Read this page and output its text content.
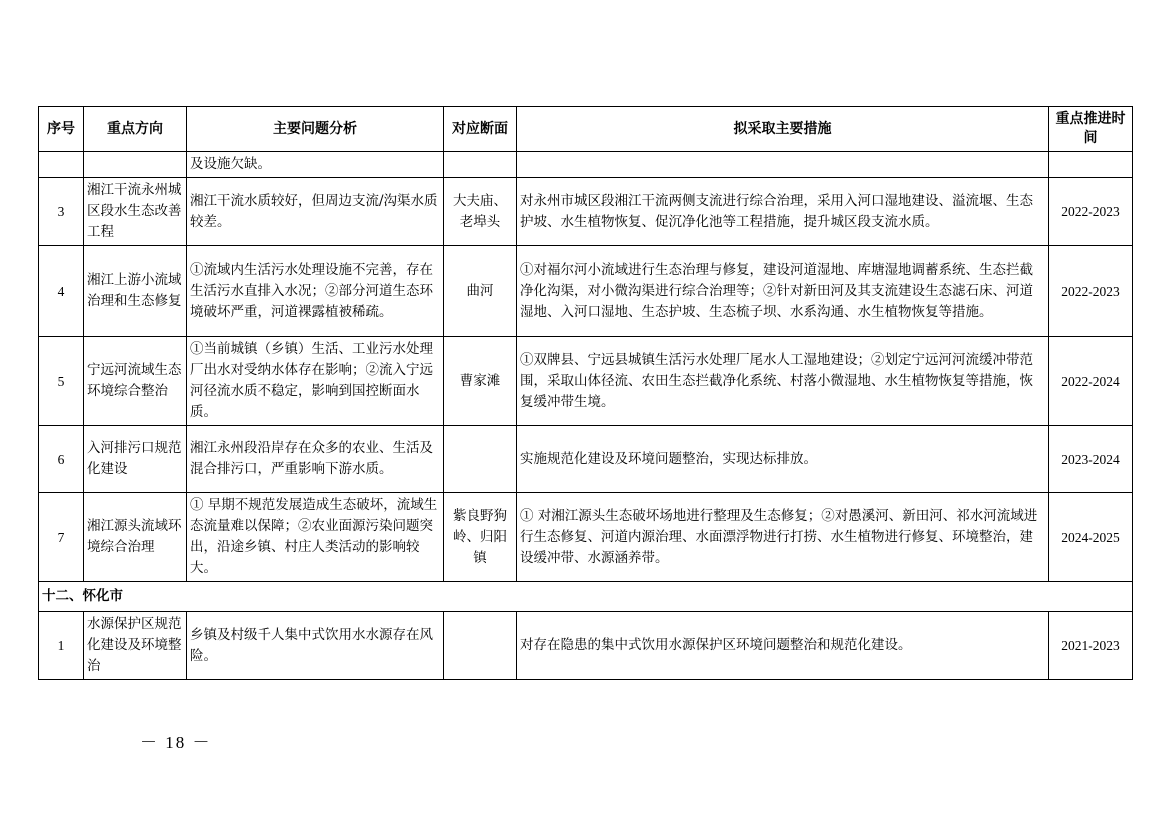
序号	重点方向	主要问题分析	对应断面	拟采取主要措施	重点推进时间
		及设施欠缺。			
3	湘江干流永州城区段水生态改善工程	湘江干流水质较好，但周边支流/沟渠水质较差。	大夫庙、老埠头	对永州市城区段湘江干流两侧支流进行综合治理，采用入河口湿地建设、溢流堰、生态护坡、水生植物恢复、促沉净化池等工程措施，提升城区段支流水质。	2022-2023
4	湘江上游小流域治理和生态修复	①流域内生活污水处理设施不完善，存在生活污水直排入水况；②部分河道生态环境破坏严重，河道裸露植被稀疏。	曲河	①对福尔河小流域进行生态治理与修复，建设河道湿地、库塘湿地调蓄系统、生态拦截净化沟渠，对小微沟渠进行综合治理等；②针对新田河及其支流建设生态滤石床、河道湿地、入河口湿地、生态护坡、生态梳子坝、水系沟通、水生植物恢复等措施。	2022-2023
5	宁远河流域生态环境综合整治	①当前城镇（乡镇）生活、工业污水处理厂出水对受纳水体存在影响；②流入宁远河径流水质不稳定，影响到国控断面水质。	曹家滩	①双牌县、宁远县城镇生活污水处理厂尾水人工湿地建设；②划定宁远河河流缓冲带范围，采取山体径流、农田生态拦截净化系统、村落小微湿地、水生植物恢复等措施，恢复缓冲带生境。	2022-2024
6	入河排污口规范化建设	湘江永州段沿岸存在众多的农业、生活及混合排污口，严重影响下游水质。		实施规范化建设及环境问题整治，实现达标排放。	2023-2024
7	湘江源头流域环境综合治理	① 早期不规范发展造成生态破坏，流域生态流量难以保障；②农业面源污染问题突出，沿途乡镇、村庄人类活动的影响较大。	紫良野狗岭、归阳镇	① 对湘江源头生态破坏场地进行整理及生态修复；②对愚溪河、新田河、祁水河流域进行生态修复、河道内源治理、水面漂浮物进行打捞、水生植物进行修复、环境整治，建设缓冲带、水源涵养带。	2024-2025
十二、怀化市					
1	水源保护区规范化建设及环境整治	乡镇及村级千人集中式饮用水水源存在风险。		对存在隐患的集中式饮用水源保护区环境问题整治和规范化建设。	2021-2023
－ 18 －
